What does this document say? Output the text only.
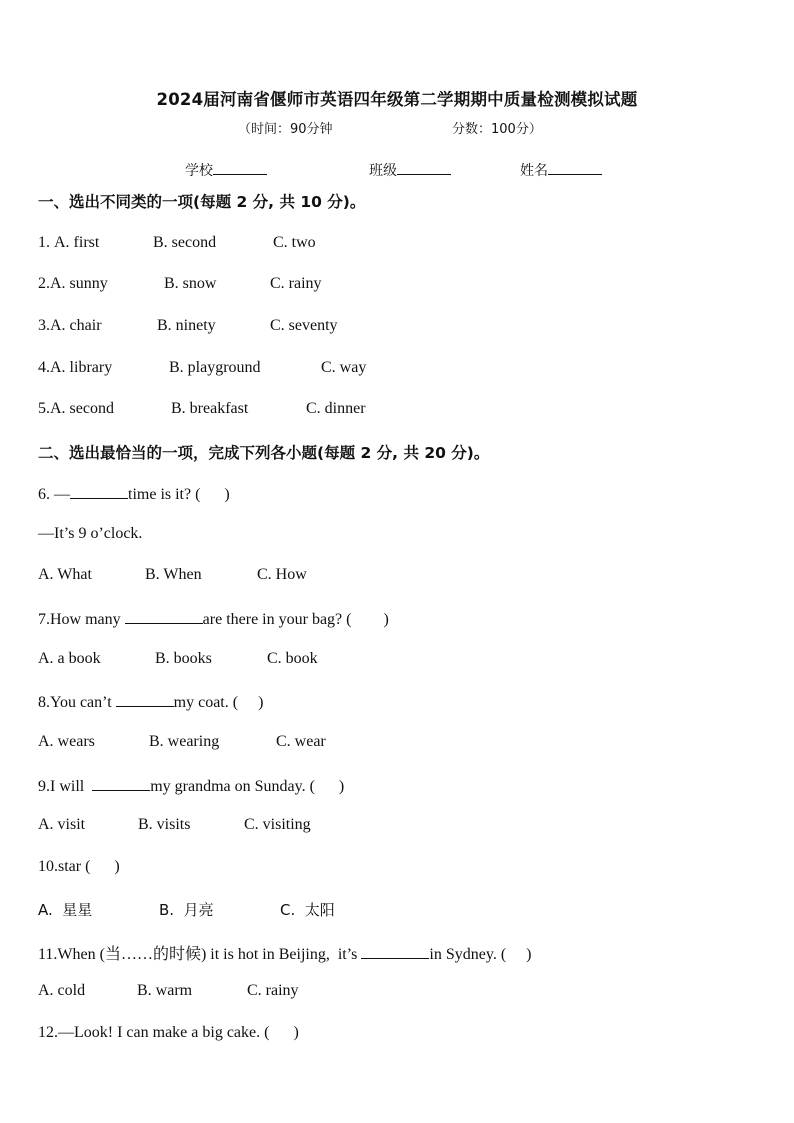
2024届河南省偃师市英语四年级第二学期期中质量检测模拟试题
（时间：90分钟	分数：100分）
学校	班级	姓名
一、选出不同类的一项(每题 2 分, 共 10 分)。
1. A. first	B. second	C. two
2.A. sunny	B. snow	C. rainy
3.A. chair	B. ninety	C. seventy
4.A. library	B. playground	C. way
5.A. second	B. breakfast	C. dinner
二、选出最恰当的一项，完成下列各小题(每题 2 分, 共 20 分)。
6. —	time is it? (      )
—It’s 9 o’clock.
A. What	B. When	C. How
7.How many	are there in your bag? (        )
A. a book	B. books	C. book
8.You can’t	my coat. (     )
A. wears	B. wearing	C. wear
9.I will	my grandma on Sunday. (      )
A. visit	B. visits	C. visiting
10.star (      )
A.  星星	B.  月亮	C.  太阳
11.When (当……的时候) it is hot in Beijing,  it’s	in Sydney. (     )
A. cold	B. warm	C. rainy
12.—Look! I can make a big cake. (      )
